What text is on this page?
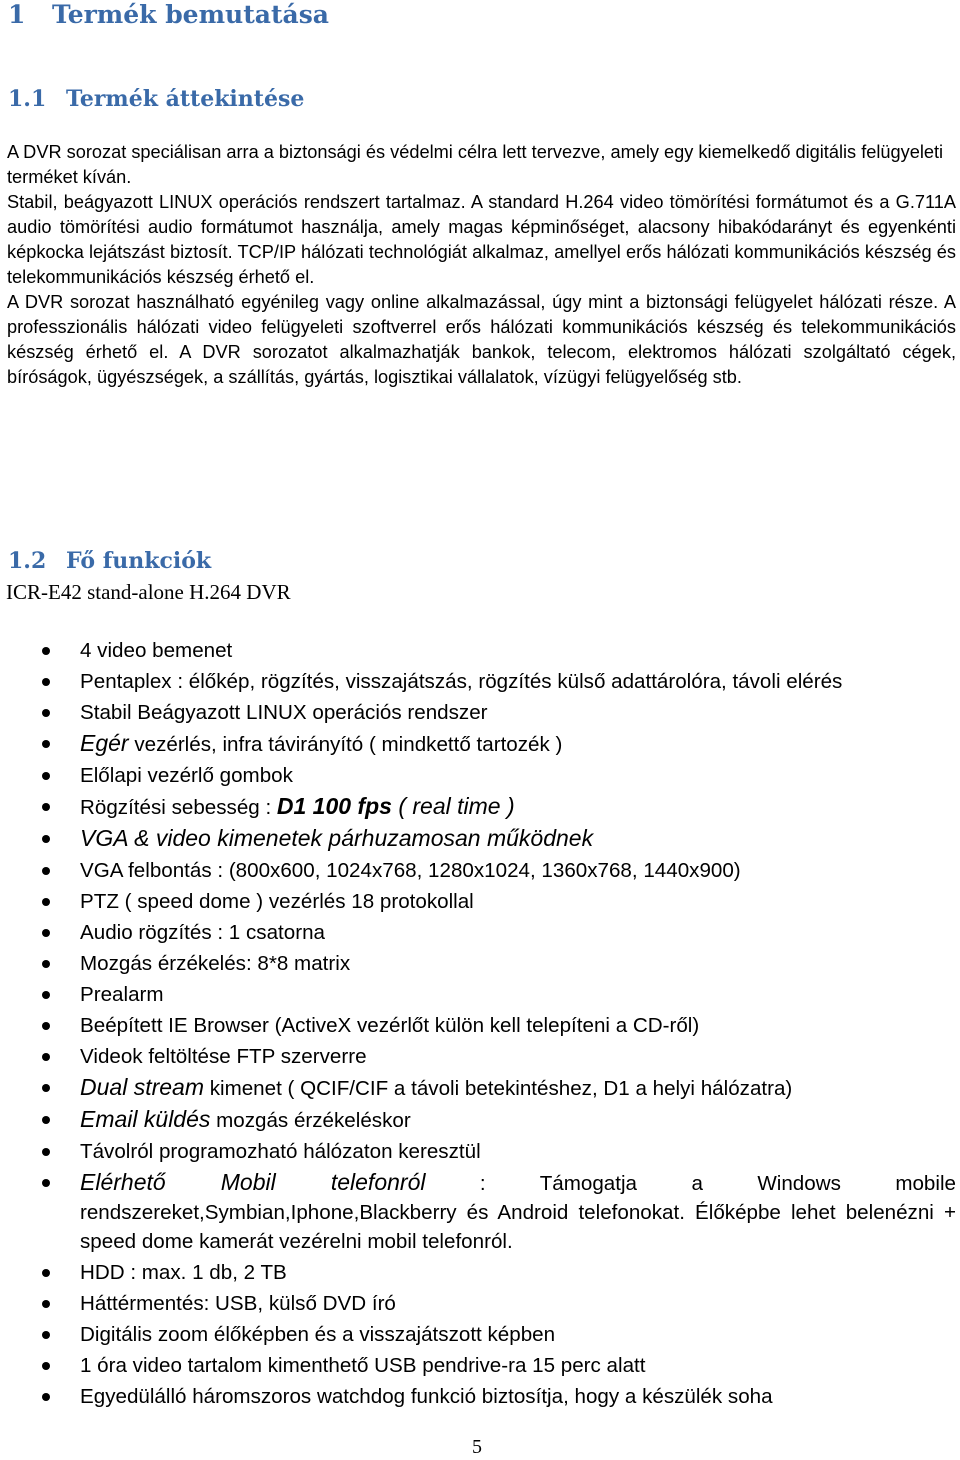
1 Termék bemutatása
1.1 Termék áttekintése
A DVR sorozat speciálisan arra a biztonsági és védelmi célra lett tervezve, amely egy kiemelkedő digitális felügyeleti terméket kíván.
Stabil, beágyazott LINUX operációs rendszert tartalmaz. A standard H.264 video tömörítési formátumot és a G.711A audio tömörítési audio formátumot használja, amely magas képminőséget, alacsony hibakódarányt és egyenkénti képkocka lejátszást biztosít. TCP/IP hálózati technológiát alkalmaz, amellyel erős hálózati kommunikációs készség és telekommunikációs készség érhető el.
A DVR sorozat használható egyénileg vagy online alkalmazással, úgy mint a biztonsági felügyelet hálózati része. A professzionális hálózati video felügyeleti szoftverrel erős hálózati kommunikációs készség és telekommunikációs készség érhető el. A DVR sorozatot alkalmazhatják bankok, telecom, elektromos hálózati szolgáltató cégek, bíróságok, ügyészségek, a szállítás, gyártás, logisztikai vállalatok, vízügyi felügyelőség stb.
1.2 Fő funkciók
ICR-E42 stand-alone H.264 DVR
4 video bemenet
Pentaplex : élőkép, rögzítés, visszajátszás, rögzítés külső adattárolóra, távoli elérés
Stabil Beágyazott LINUX operációs rendszer
Egér vezérlés, infra távirányító ( mindkettő tartozék )
Előlapi vezérlő gombok
Rögzítési sebesség : D1 100 fps ( real time )
VGA & video kimenetek párhuzamosan működnek
VGA felbontás : (800x600, 1024x768, 1280x1024, 1360x768, 1440x900)
PTZ ( speed dome ) vezérlés 18 protokollal
Audio rögzítés : 1 csatorna
Mozgás érzékelés: 8*8 matrix
Prealarm
Beépített IE Browser (ActiveX vezérlőt külön kell telepíteni a CD-ről)
Videok feltöltése FTP szerverre
Dual stream kimenet ( QCIF/CIF a távoli betekintéshez, D1 a helyi hálózatra)
Email küldés mozgás érzékeléskor
Távolról programozható hálózaton keresztül
Elérhető Mobil telefonról : Támogatja a Windows mobile rendszereket,Symbian,Iphone,Blackberry és Android telefonokat. Élőképbe lehet belenézni + speed dome kamerát vezérelni mobil telefonról.
HDD : max. 1 db, 2 TB
Háttérmentés: USB, külső DVD író
Digitális zoom élőképben és a visszajátszott képben
1 óra video tartalom kimenthető USB pendrive-ra 15 perc alatt
Egyedülálló háromszoros watchdog funkció biztosítja, hogy a készülék soha
5
